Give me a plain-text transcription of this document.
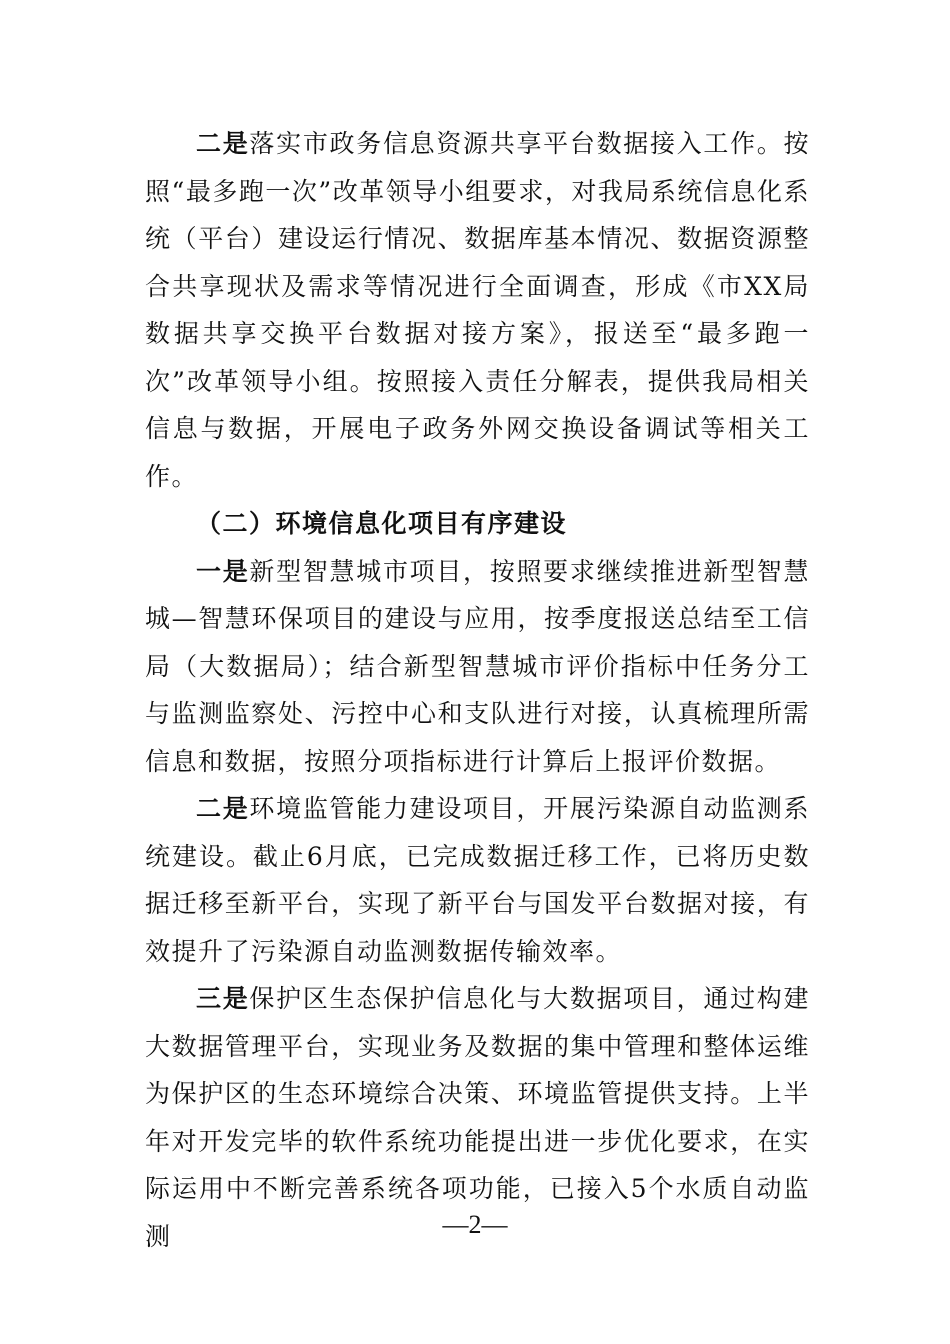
二是落实市政务信息资源共享平台数据接入工作。按照“最多跑一次”改革领导小组要求，对我局系统信息化系统（平台）建设运行情况、数据库基本情况、数据资源整合共享现状及需求等情况进行全面调查，形成《市XX局数据共享交换平台数据对接方案》，报送至“最多跑一次”改革领导小组。按照接入责任分解表，提供我局相关信息与数据，开展电子政务外网交换设备调试等相关工作。

（二）环境信息化项目有序建设

一是新型智慧城市项目，按照要求继续推进新型智慧城—智慧环保项目的建设与应用，按季度报送总结至工信局（大数据局）；结合新型智慧城市评价指标中任务分工与监测监察处、污控中心和支队进行对接，认真梳理所需信息和数据，按照分项指标进行计算后上报评价数据。

二是环境监管能力建设项目，开展污染源自动监测系统建设。截止6月底，已完成数据迁移工作，已将历史数据迁移至新平台，实现了新平台与国发平台数据对接，有效提升了污染源自动监测数据传输效率。

三是保护区生态保护信息化与大数据项目，通过构建大数据管理平台，实现业务及数据的集中管理和整体运维为保护区的生态环境综合决策、环境监管提供支持。上半年对开发完毕的软件系统功能提出进一步优化要求，在实际运用中不断完善系统各项功能，已接入5个水质自动监测	—2—
